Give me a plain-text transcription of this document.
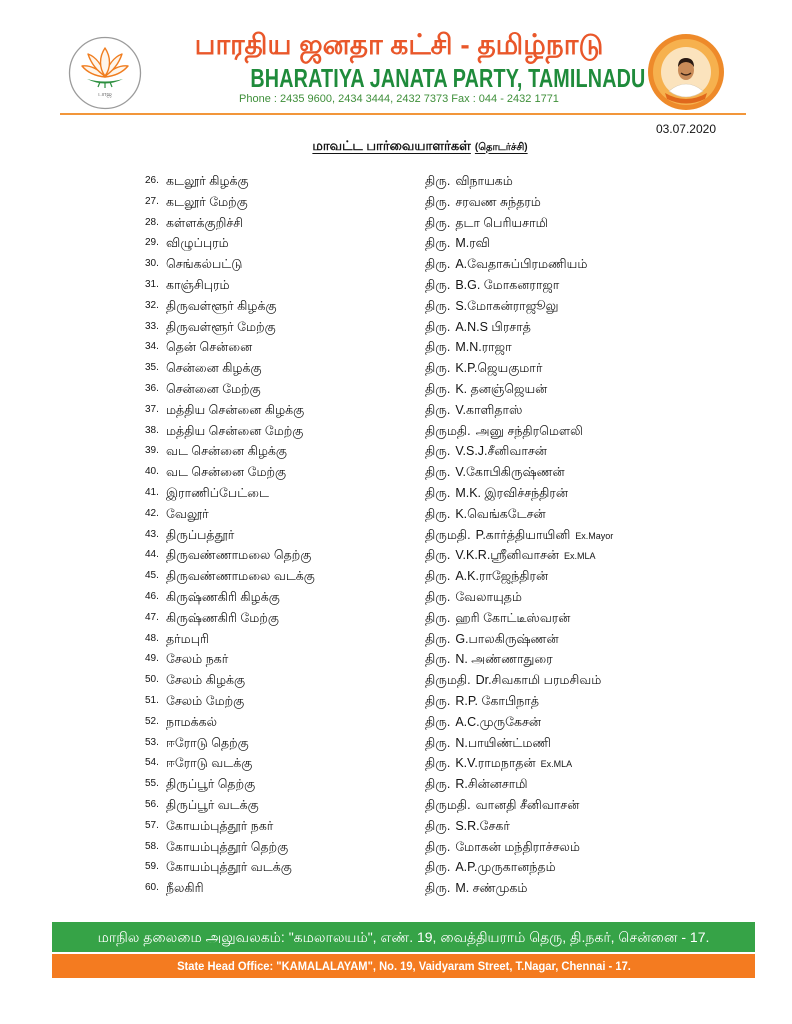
பாஜ
பாரதிய ஜனதா கட்சி - தமிழ்நாடு
BHARATIYA JANATA PARTY, TAMILNADU
Phone : 2435 9600, 2434 3444, 2432 7373 Fax : 044 - 2432 1771
03.07.2020
மாவட்ட பார்வையாளர்கள் (தொடர்ச்சி)
26. கடலூர் கிழக்கு	திரு. விநாயகம்
27. கடலூர் மேற்கு	திரு. சரவண சுந்தரம்
28. கள்ளக்குறிச்சி	திரு. தடா பெரியசாமி
29. விழுப்புரம்	திரு. M.ரவி
30. செங்கல்பட்டு	திரு. A.வேதாசுப்பிரமணியம்
31. காஞ்சிபுரம்	திரு. B.G. மோகனராஜா
32. திருவள்ளூர் கிழக்கு	திரு. S.மோகன்ராஜூலு
33. திருவள்ளூர் மேற்கு	திரு. A.N.S பிரசாத்
34. தென் சென்னை	திரு. M.N.ராஜா
35. சென்னை கிழக்கு	திரு. K.P.ஜெயகுமார்
36. சென்னை மேற்கு	திரு. K. தனஞ்ஜெயன்
37. மத்திய சென்னை கிழக்கு	திரு. V.காளிதாஸ்
38. மத்திய சென்னை மேற்கு	திருமதி. அனு சந்திரமௌலி
39. வட சென்னை கிழக்கு	திரு. V.S.J.சீனிவாசன்
40. வட சென்னை மேற்கு	திரு. V.கோபிகிருஷ்ணன்
41. இராணிப்பேட்டை	திரு. M.K. இரவிச்சந்திரன்
42. வேலூர்	திரு. K.வெங்கடேசன்
43. திருப்பத்தூர்	திருமதி. P.கார்த்தியாயினி Ex.Mayor
44. திருவண்ணாமலை தெற்கு	திரு. V.K.R.ஸ்ரீனிவாசன் Ex.MLA
45. திருவண்ணாமலை வடக்கு	திரு. A.K.ராஜேந்திரன்
46. கிருஷ்ணகிரி கிழக்கு	திரு. வேலாயுதம்
47. கிருஷ்ணகிரி மேற்கு	திரு. ஹரி கோட்டீஸ்வரன்
48. தர்மபுரி	திரு. G.பாலகிருஷ்ணன்
49. சேலம் நகர்	திரு. N. அண்ணாதுரை
50. சேலம் கிழக்கு	திருமதி. Dr.சிவகாமி பரமசிவம்
51. சேலம் மேற்கு	திரு. R.P. கோபிநாத்
52. நாமக்கல்	திரு. A.C.முருகேசன்
53. ஈரோடு தெற்கு	திரு. N.பாயிண்ட்மணி
54. ஈரோடு வடக்கு	திரு. K.V.ராமநாதன் Ex.MLA
55. திருப்பூர் தெற்கு	திரு. R.சின்னசாமி
56. திருப்பூர் வடக்கு	திருமதி. வானதி சீனிவாசன்
57. கோயம்புத்தூர் நகர்	திரு. S.R.சேகர்
58. கோயம்புத்தூர் தெற்கு	திரு. மோகன் மந்திராச்சலம்
59. கோயம்புத்தூர் வடக்கு	திரு. A.P.முருகானந்தம்
60. நீலகிரி	திரு. M. சண்முகம்
மாநில தலைமை அலுவலகம்: "கமலாலயம்", எண். 19, வைத்தியராம் தெரு, தி.நகர், சென்னை - 17.
State Head Office: "KAMALALAYAM", No. 19, Vaidyaram Street, T.Nagar, Chennai - 17.
